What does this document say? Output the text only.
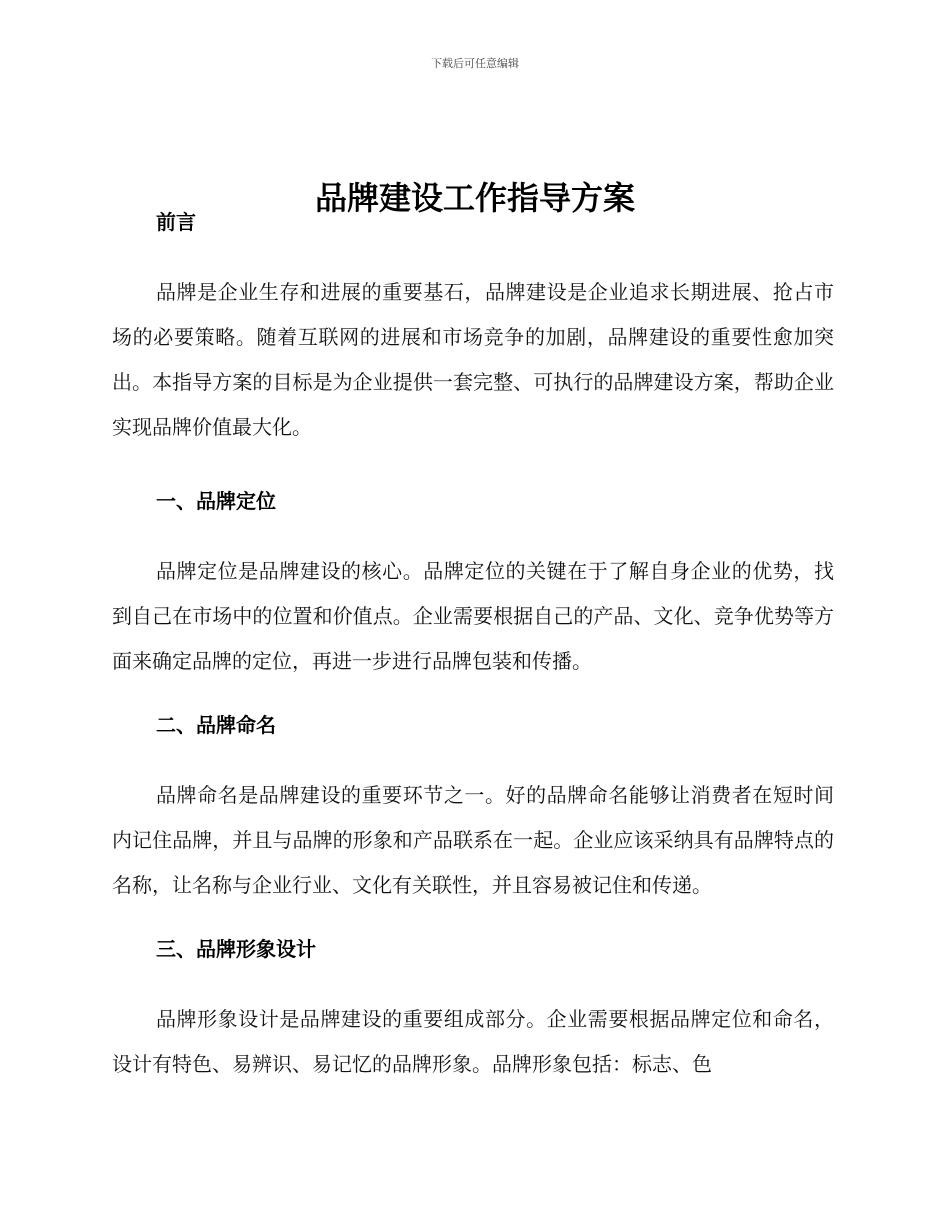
下载后可任意编辑
品牌建设工作指导方案
前言

品牌是企业生存和进展的重要基石，品牌建设是企业追求长期进展、抢占市场的必要策略。随着互联网的进展和市场竞争的加剧，品牌建设的重要性愈加突出。本指导方案的目标是为企业提供一套完整、可执行的品牌建设方案，帮助企业实现品牌价值最大化。

一、品牌定位

品牌定位是品牌建设的核心。品牌定位的关键在于了解自身企业的优势，找到自己在市场中的位置和价值点。企业需要根据自己的产品、文化、竞争优势等方面来确定品牌的定位，再进一步进行品牌包装和传播。

二、品牌命名

品牌命名是品牌建设的重要环节之一。好的品牌命名能够让消费者在短时间内记住品牌，并且与品牌的形象和产品联系在一起。企业应该采纳具有品牌特点的名称，让名称与企业行业、文化有关联性，并且容易被记住和传递。

三、品牌形象设计

品牌形象设计是品牌建设的重要组成部分。企业需要根据品牌定位和命名，设计有特色、易辨识、易记忆的品牌形象。品牌形象包括：标志、色
